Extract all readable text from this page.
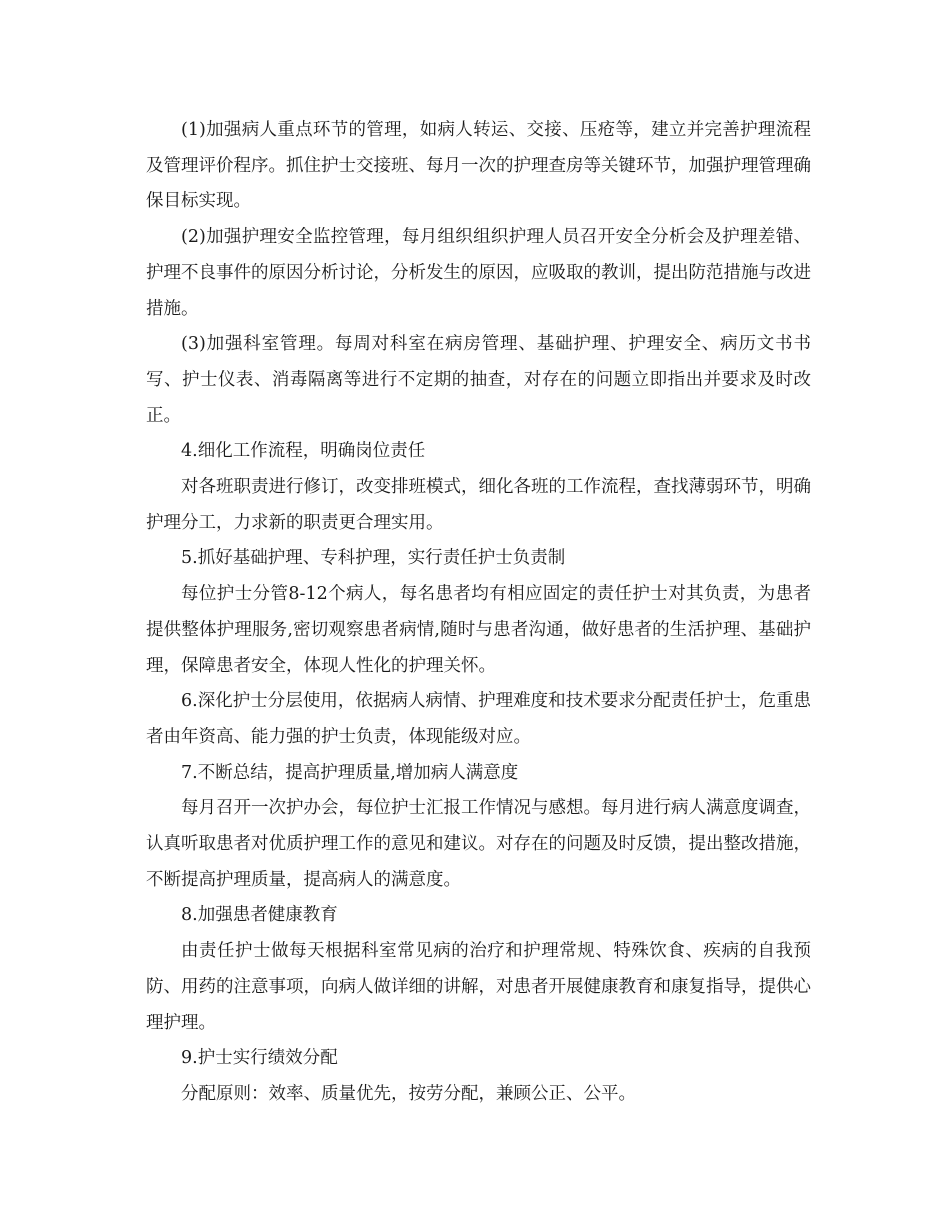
(1)加强病人重点环节的管理，如病人转运、交接、压疮等，建立并完善护理流程及管理评价程序。抓住护士交接班、每月一次的护理查房等关键环节，加强护理管理确保目标实现。

(2)加强护理安全监控管理，每月组织组织护理人员召开安全分析会及护理差错、护理不良事件的原因分析讨论，分析发生的原因，应吸取的教训，提出防范措施与改进措施。

(3)加强科室管理。每周对科室在病房管理、基础护理、护理安全、病历文书书写、护士仪表、消毒隔离等进行不定期的抽查，对存在的问题立即指出并要求及时改正。

4.细化工作流程，明确岗位责任

对各班职责进行修订，改变排班模式，细化各班的工作流程，查找薄弱环节，明确护理分工，力求新的职责更合理实用。

5.抓好基础护理、专科护理，实行责任护士负责制

每位护士分管8-12个病人，每名患者均有相应固定的责任护士对其负责，为患者提供整体护理服务,密切观察患者病情,随时与患者沟通，做好患者的生活护理、基础护理，保障患者安全，体现人性化的护理关怀。

6.深化护士分层使用，依据病人病情、护理难度和技术要求分配责任护士，危重患者由年资高、能力强的护士负责，体现能级对应。

7.不断总结，提高护理质量,增加病人满意度

每月召开一次护办会，每位护士汇报工作情况与感想。每月进行病人满意度调查，认真听取患者对优质护理工作的意见和建议。对存在的问题及时反馈，提出整改措施，不断提高护理质量，提高病人的满意度。

8.加强患者健康教育

由责任护士做每天根据科室常见病的治疗和护理常规、特殊饮食、疾病的自我预防、用药的注意事项，向病人做详细的讲解，对患者开展健康教育和康复指导，提供心理护理。

9.护士实行绩效分配

分配原则：效率、质量优先，按劳分配，兼顾公正、公平。
